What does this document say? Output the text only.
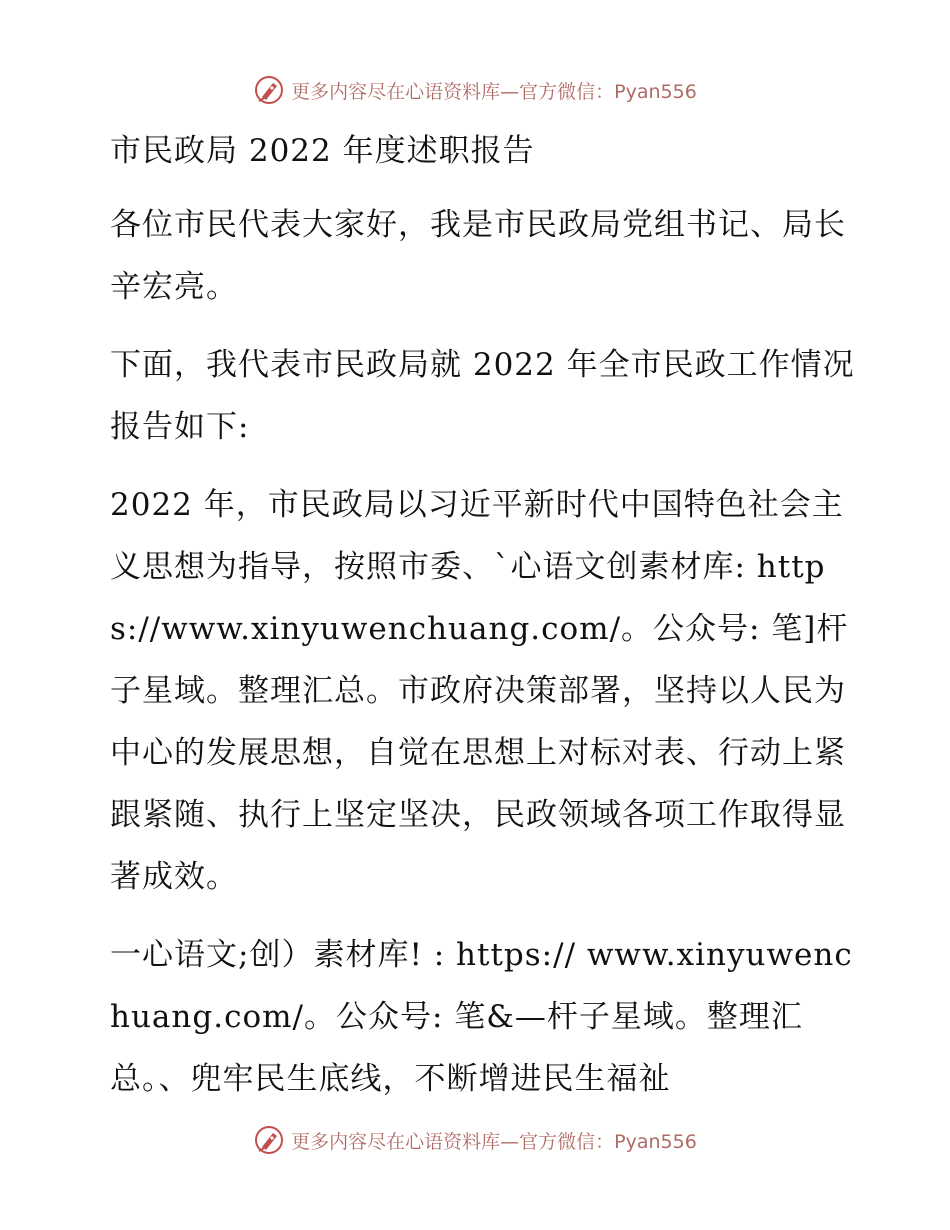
更多内容尽在心语资料库—官方微信：Pyan556

市民政局 2022 年度述职报告

各位市民代表大家好，我是市民政局党组书记、局长辛宏亮。

下面，我代表市民政局就 2022 年全市民政工作情况报告如下:

2022 年，市民政局以习近平新时代中国特色社会主义思想为指导，按照市委、`心语文创素材库: https://www.xinyuwenchuang.com/。公众号: 笔]杆子星域。整理汇总。市政府决策部署，坚持以人民为中心的发展思想，自觉在思想上对标对表、行动上紧跟紧随、执行上坚定坚决，民政领域各项工作取得显著成效。

一心语文;创）素材库! : https:// www.xinyuwenchuang.com/。公众号: 笔&—杆子星域。整理汇总。、兜牢民生底线，不断增进民生福祉

更多内容尽在心语资料库—官方微信：Pyan556
